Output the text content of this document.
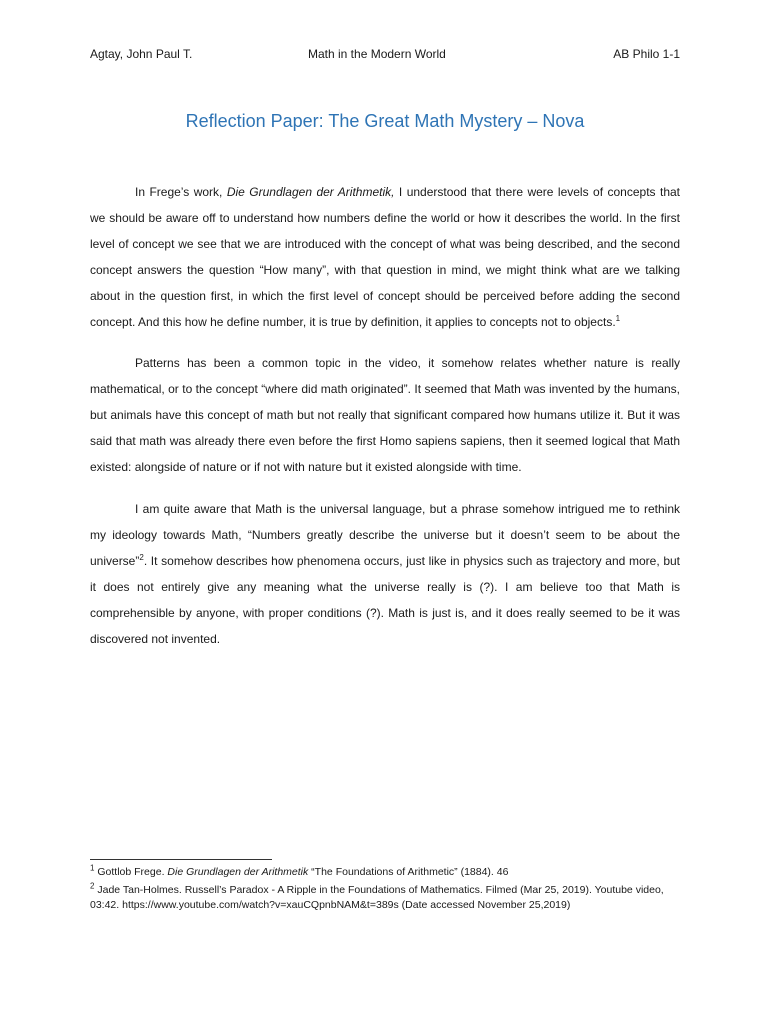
Agtay, John Paul T.	Math in the Modern World	AB Philo 1-1
Reflection Paper: The Great Math Mystery – Nova

In Frege’s work, Die Grundlagen der Arithmetik, I understood that there were levels of concepts that we should be aware off to understand how numbers define the world or how it describes the world. In the first level of concept we see that we are introduced with the concept of what was being described, and the second concept answers the question “How many”, with that question in mind, we might think what are we talking about in the question first, in which the first level of concept should be perceived before adding the second concept. And this how he define number, it is true by definition, it applies to concepts not to objects.$^1$

Patterns has been a common topic in the video, it somehow relates whether nature is really mathematical, or to the concept “where did math originated”. It seemed that Math was invented by the humans, but animals have this concept of math but not really that significant compared how humans utilize it. But it was said that math was already there even before the first Homo sapiens sapiens, then it seemed logical that Math existed: alongside of nature or if not with nature but it existed alongside with time.

I am quite aware that Math is the universal language, but a phrase somehow intrigued me to rethink my ideology towards Math, “Numbers greatly describe the universe but it doesn’t seem to be about the universe”$^2$. It somehow describes how phenomena occurs, just like in physics such as trajectory and more, but it does not entirely give any meaning what the universe really is (?). I am believe too that Math is comprehensible by anyone, with proper conditions (?). Math is just is, and it does really seemed to be it was discovered not invented.

$^1$ Gottlob Frege. Die Grundlagen der Arithmetik “The Foundations of Arithmetic” (1884). 46

$^2$ Jade Tan-Holmes. Russell’s Paradox - A Ripple in the Foundations of Mathematics. Filmed (Mar 25, 2019). Youtube video, 03:42. https://www.youtube.com/watch?v=xauCQpnbNAM&t=389s (Date accessed November 25,2019)
